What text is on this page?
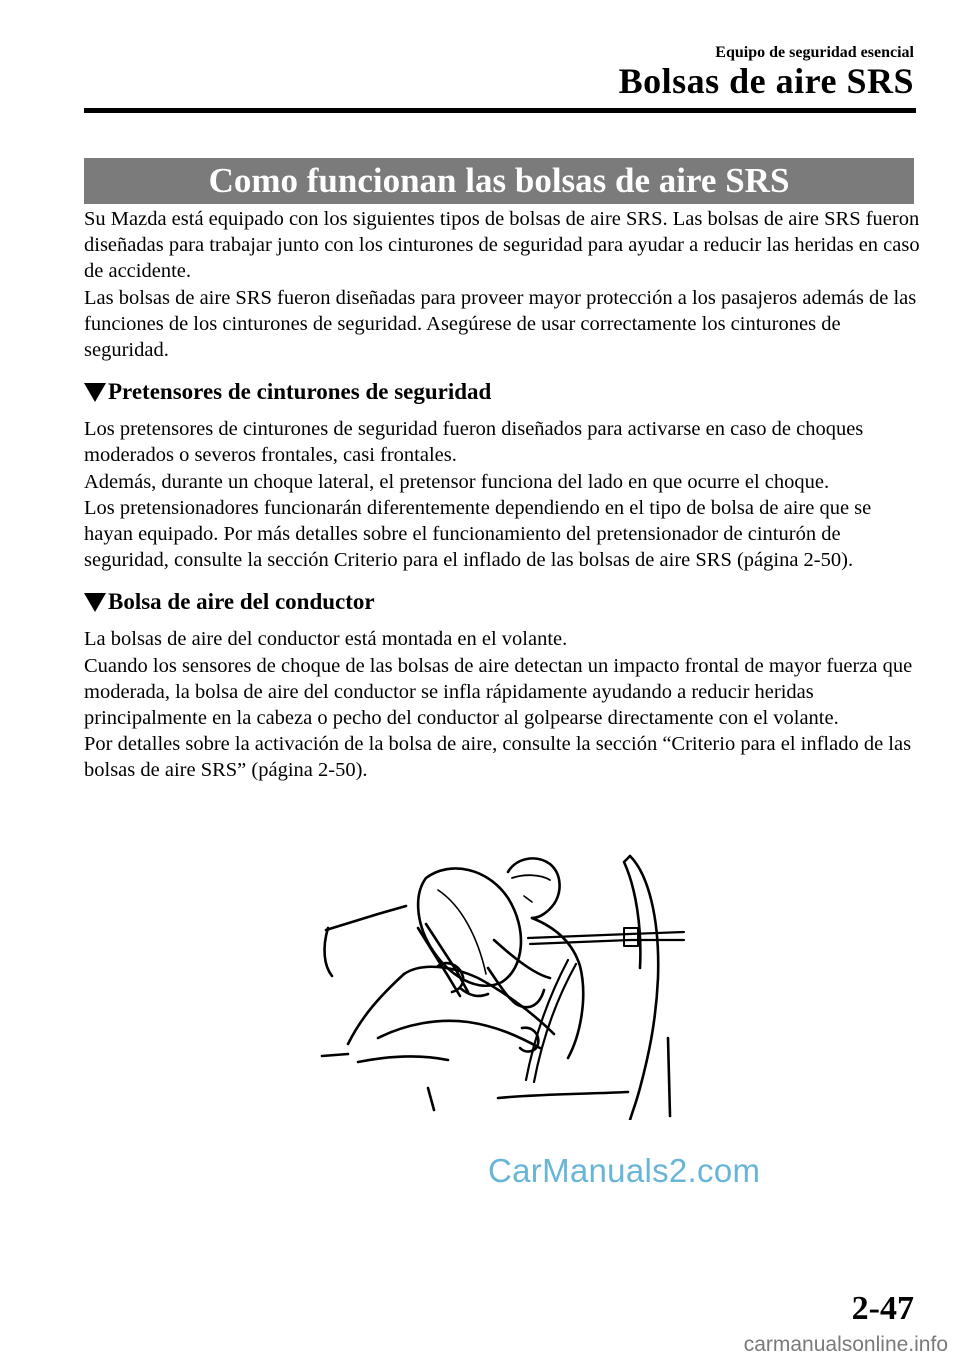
Equipo de seguridad esencial
Bolsas de aire SRS
Como funcionan las bolsas de aire SRS

Su Mazda está equipado con los siguientes tipos de bolsas de aire SRS. Las bolsas de aire SRS fueron diseñadas para trabajar junto con los cinturones de seguridad para ayudar a reducir las heridas en caso de accidente.

Las bolsas de aire SRS fueron diseñadas para proveer mayor protección a los pasajeros además de las funciones de los cinturones de seguridad. Asegúrese de usar correctamente los cinturones de seguridad.

Pretensores de cinturones de seguridad

Los pretensores de cinturones de seguridad fueron diseñados para activarse en caso de choques moderados o severos frontales, casi frontales.

Además, durante un choque lateral, el pretensor funciona del lado en que ocurre el choque.

Los pretensionadores funcionarán diferentemente dependiendo en el tipo de bolsa de aire que se hayan equipado. Por más detalles sobre el funcionamiento del pretensionador de cinturón de seguridad, consulte la sección Criterio para el inflado de las bolsas de aire SRS (página 2-50).

Bolsa de aire del conductor

La bolsas de aire del conductor está montada en el volante.

Cuando los sensores de choque de las bolsas de aire detectan un impacto frontal de mayor fuerza que moderada, la bolsa de aire del conductor se infla rápidamente ayudando a reducir heridas principalmente en la cabeza o pecho del conductor al golpearse directamente con el volante.

Por detalles sobre la activación de la bolsa de aire, consulte la sección “Criterio para el inflado de las bolsas de aire SRS” (página 2-50).

CarManuals2.com
2-47
carmanualsonline.info
